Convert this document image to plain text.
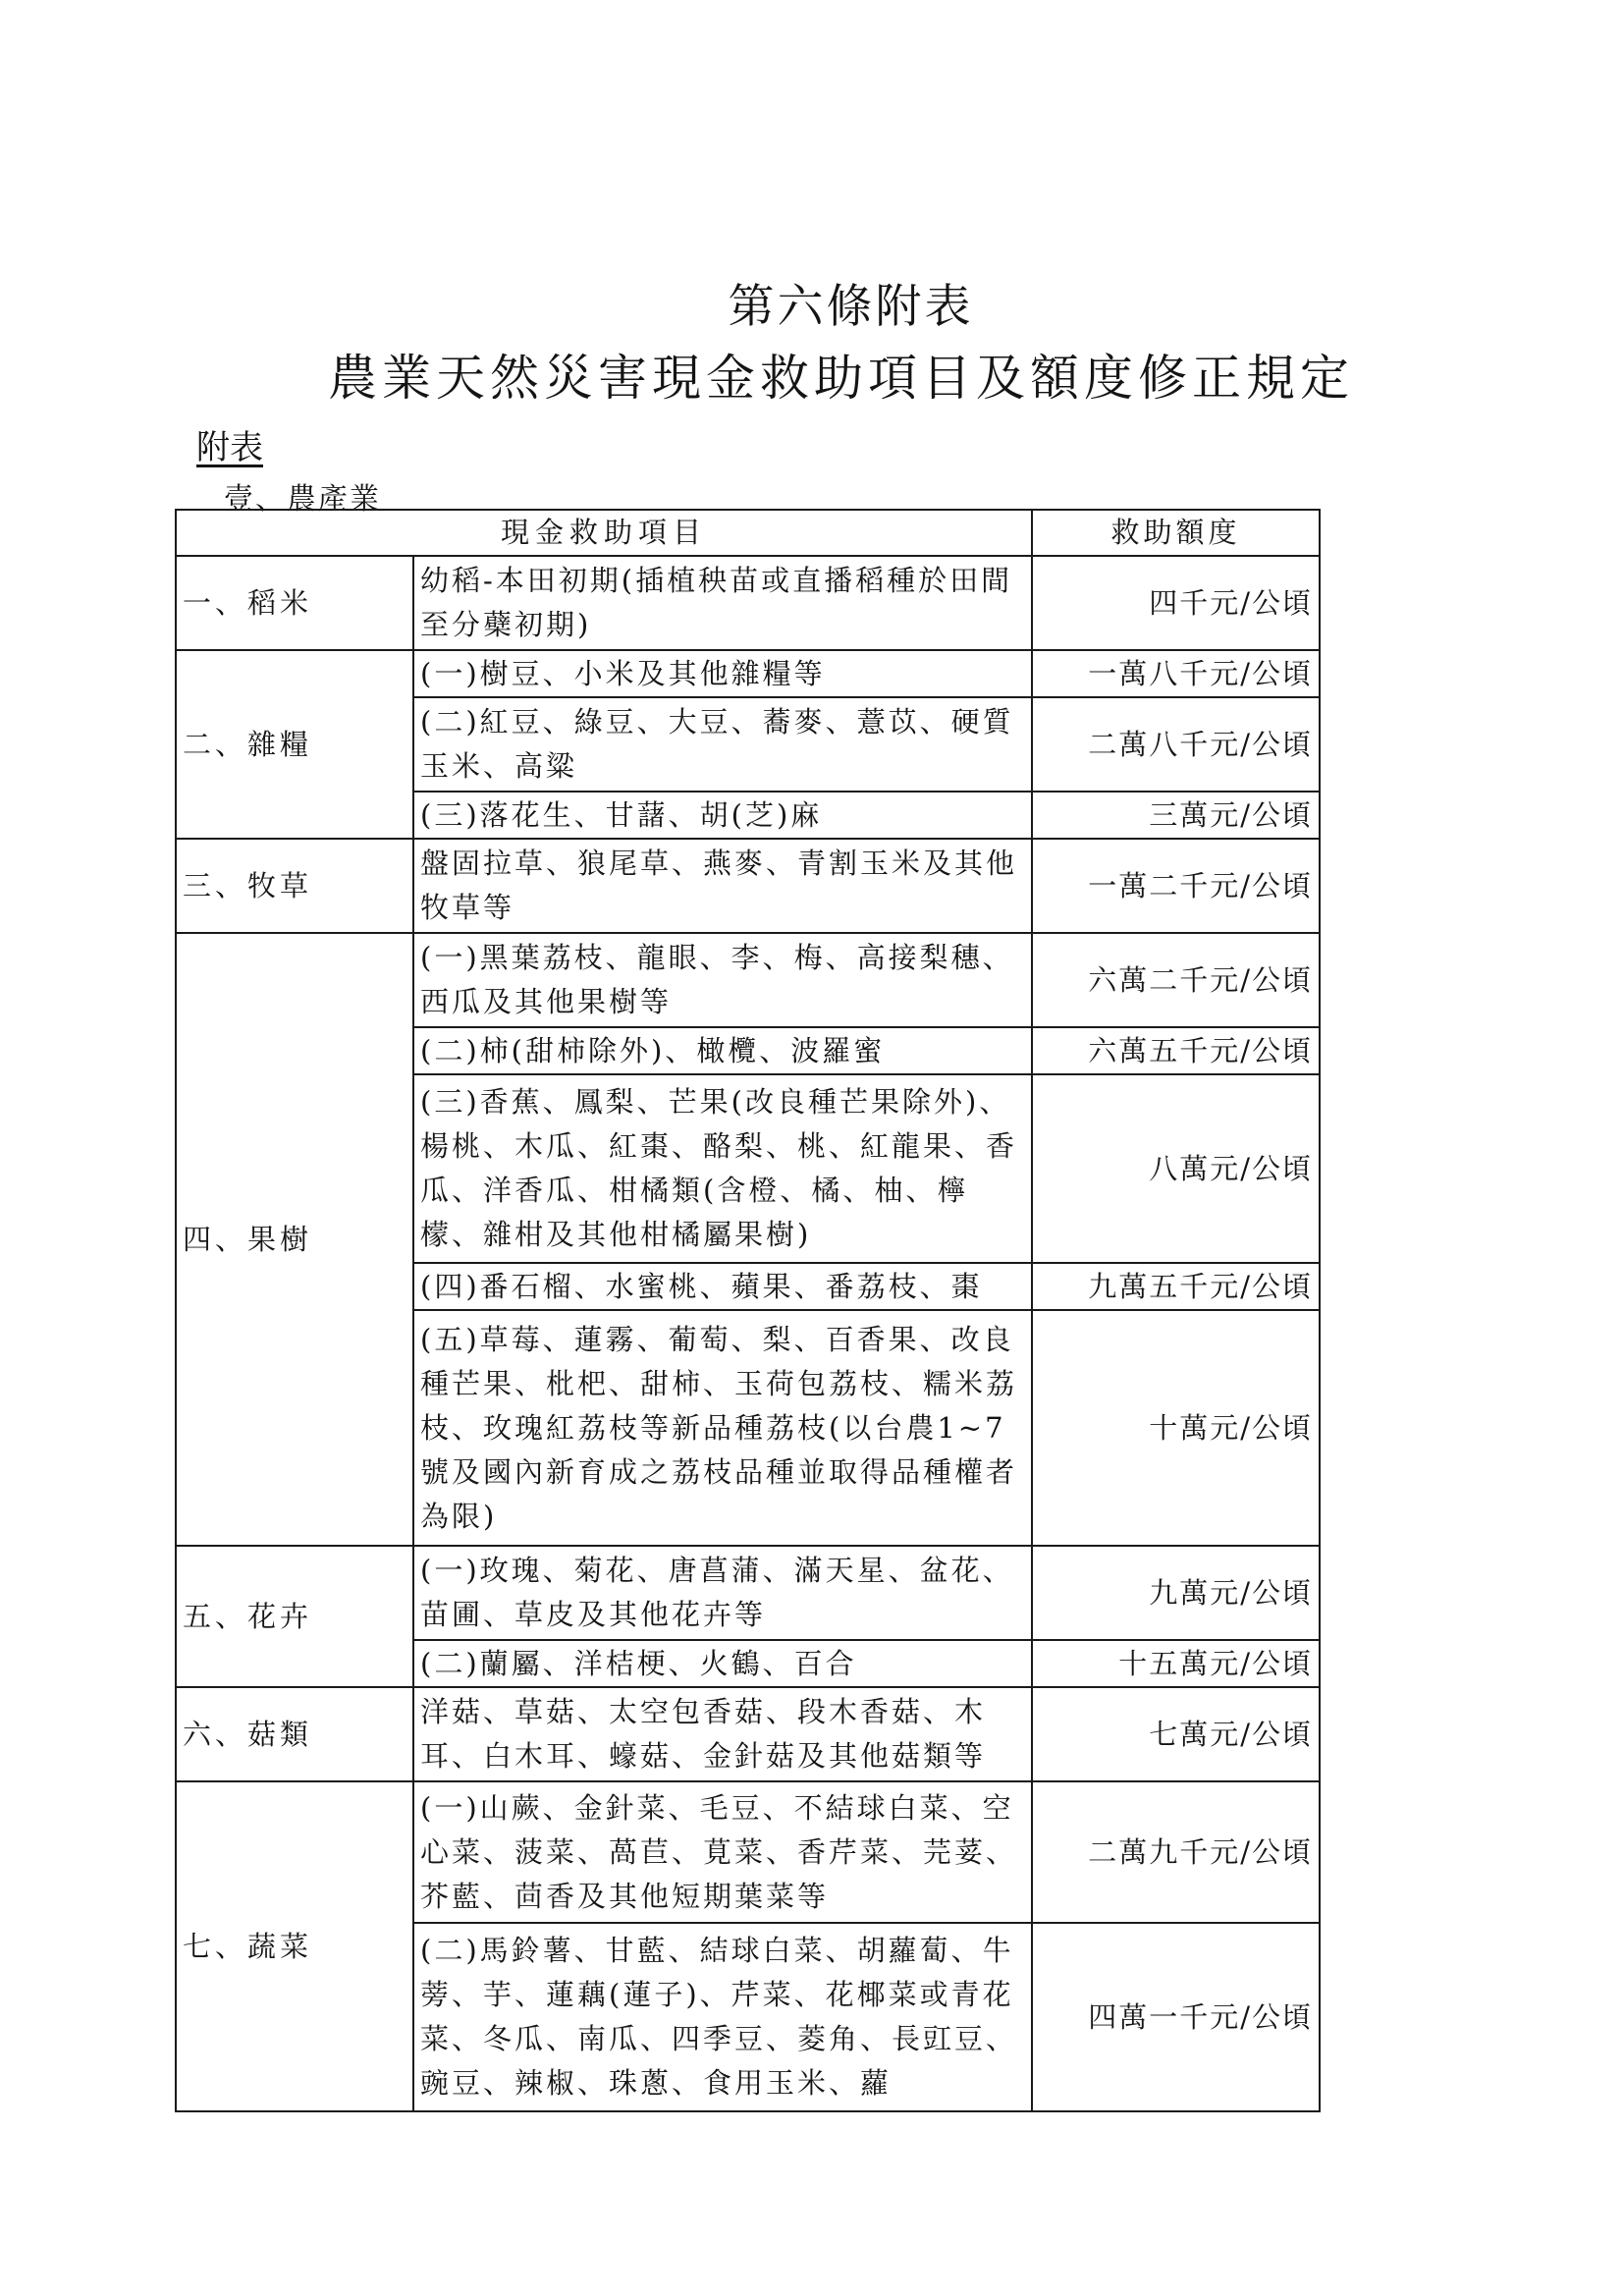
第六條附表
農業天然災害現金救助項目及額度修正規定
附表
壹、農產業
現金救助項目		救助額度
一、稻米	幼稻-本田初期(插植秧苗或直播稻種於田間至分蘗初期)	四千元/公頃
二、雜糧	(一)樹豆、小米及其他雜糧等	一萬八千元/公頃
	(二)紅豆、綠豆、大豆、蕎麥、薏苡、硬質玉米、高粱	二萬八千元/公頃
	(三)落花生、甘藷、胡(芝)麻	三萬元/公頃
三、牧草	盤固拉草、狼尾草、燕麥、青割玉米及其他牧草等	一萬二千元/公頃
四、果樹	(一)黑葉荔枝、龍眼、李、梅、高接梨穗、西瓜及其他果樹等	六萬二千元/公頃
	(二)柿(甜柿除外)、橄欖、波羅蜜	六萬五千元/公頃
	(三)香蕉、鳳梨、芒果(改良種芒果除外)、楊桃、木瓜、紅棗、酪梨、桃、紅龍果、香瓜、洋香瓜、柑橘類(含橙、橘、柚、檸檬、雜柑及其他柑橘屬果樹)	八萬元/公頃
	(四)番石榴、水蜜桃、蘋果、番荔枝、棗	九萬五千元/公頃
	(五)草莓、蓮霧、葡萄、梨、百香果、改良種芒果、枇杷、甜柿、玉荷包荔枝、糯米荔枝、玫瑰紅荔枝等新品種荔枝(以台農1~7號及國內新育成之荔枝品種並取得品種權者為限)	十萬元/公頃
五、花卉	(一)玫瑰、菊花、唐菖蒲、滿天星、盆花、苗圃、草皮及其他花卉等	九萬元/公頃
	(二)蘭屬、洋桔梗、火鶴、百合	十五萬元/公頃
六、菇類	洋菇、草菇、太空包香菇、段木香菇、木耳、白木耳、蠔菇、金針菇及其他菇類等	七萬元/公頃
七、蔬菜	(一)山蕨、金針菜、毛豆、不結球白菜、空心菜、菠菜、萵苣、莧菜、香芹菜、芫荽、芥藍、茴香及其他短期葉菜等	二萬九千元/公頃
	(二)馬鈴薯、甘藍、結球白菜、胡蘿蔔、牛蒡、芋、蓮藕(蓮子)、芹菜、花椰菜或青花菜、冬瓜、南瓜、四季豆、菱角、長豇豆、豌豆、辣椒、珠蔥、食用玉米、蘿	四萬一千元/公頃
